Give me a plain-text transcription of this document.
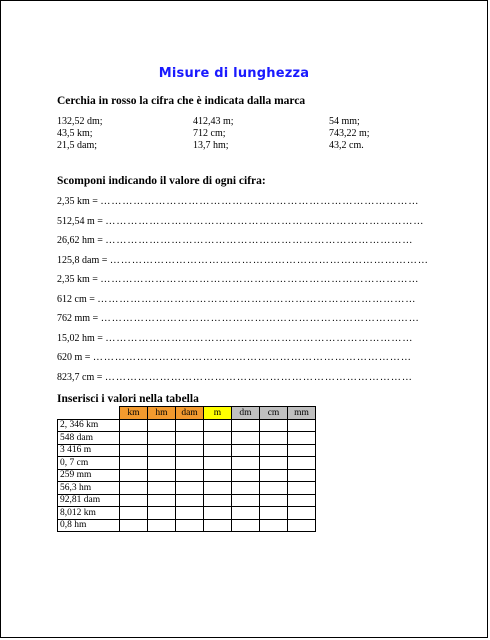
Misure di lunghezza
Cerchia in rosso la cifra che è indicata dalla marca
132,52 dm;	412,43 m;	54 mm;
43,5 km;	712 cm;	743,22 m;
21,5 dam;	13,7 hm;	43,2 cm.
Scomponi indicando il valore di ogni cifra:
2,35 km = ……………………………………………………………………………
512,54 m = ……………………………………………………………………………
26,62 hm = …………………………………………………………………………
125,8 dam = ……………………………………………………………………………
2,35 km = ……………………………………………………………………………
612 cm = ……………………………………………………………………………
762 mm = ……………………………………………………………………………
15,02 hm = …………………………………………………………………………
620 m = ……………………………………………………………………………
823,7 cm = …………………………………………………………………………
Inserisci i valori nella tabella
	km	hm	dam	m	dm	cm	mm
2, 346 km							
548 dam							
3 416 m							
0, 7 cm							
259 mm							
56,3 hm							
92,81 dam							
8,012 km							
0,8 hm							
